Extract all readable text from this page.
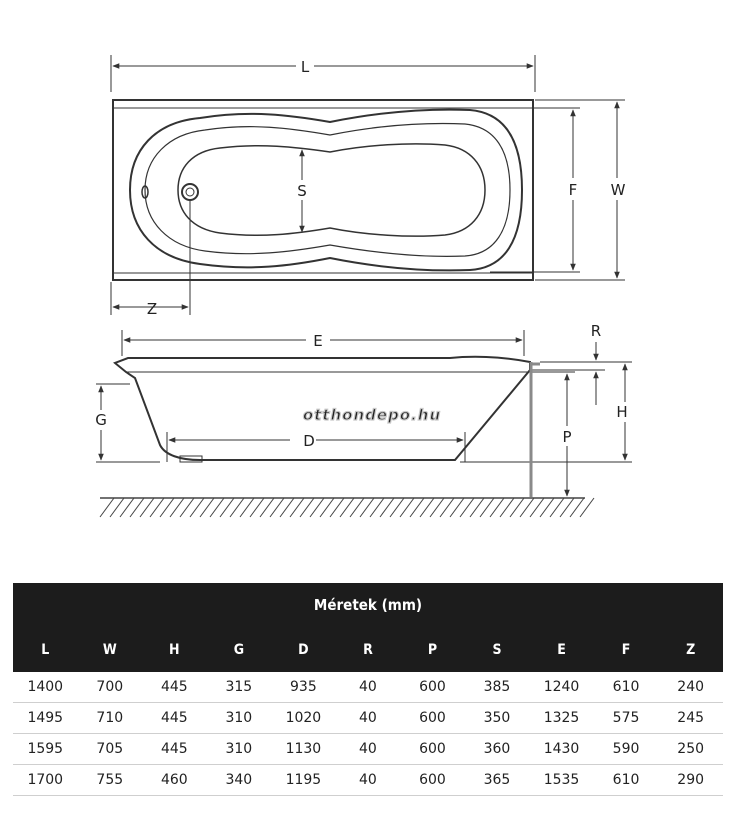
L
F W
S
Z
E
D
G	H
R
P
otthondepo.hu
Méretek (mm)										
L	W	H	G	D	R	P	S	E	F	Z
1400	700	445	315	935	40	600	385	1240	610	240
1495	710	445	310	1020	40	600	350	1325	575	245
1595	705	445	310	1130	40	600	360	1430	590	250
1700	755	460	340	1195	40	600	365	1535	610	290
